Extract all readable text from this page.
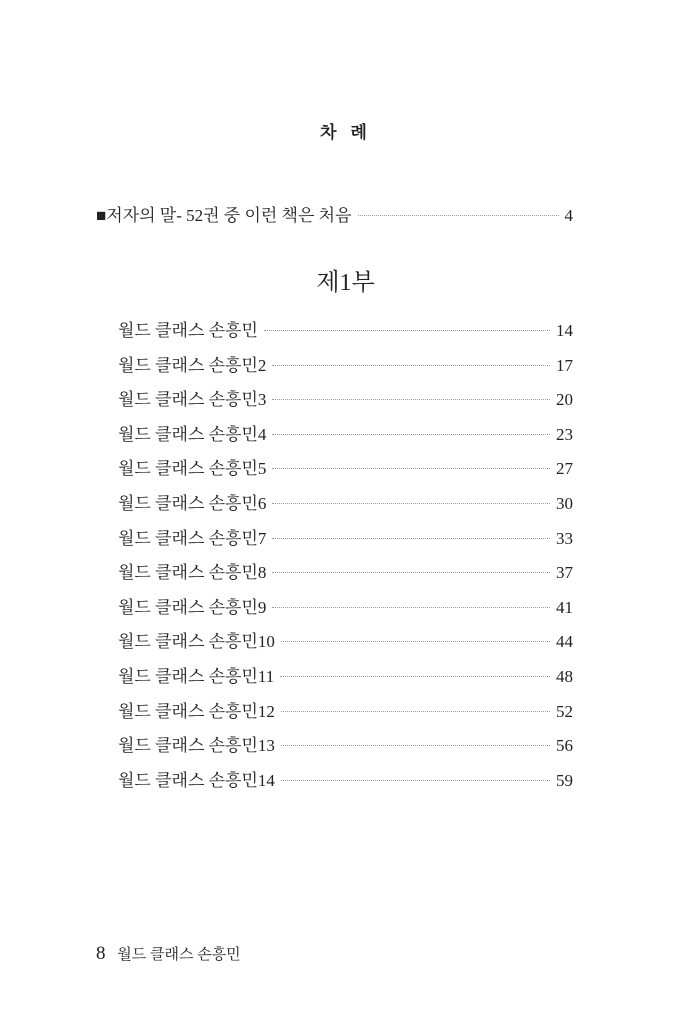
차 례
■저자의 말- 52권 중 이런 책은 처음	4
제1부
월드 클래스 손흥민	14
월드 클래스 손흥민2	17
월드 클래스 손흥민3	20
월드 클래스 손흥민4	23
월드 클래스 손흥민5	27
월드 클래스 손흥민6	30
월드 클래스 손흥민7	33
월드 클래스 손흥민8	37
월드 클래스 손흥민9	41
월드 클래스 손흥민10	44
월드 클래스 손흥민11	48
월드 클래스 손흥민12	52
월드 클래스 손흥민13	56
월드 클래스 손흥민14	59
8 월드 클래스 손흥민
